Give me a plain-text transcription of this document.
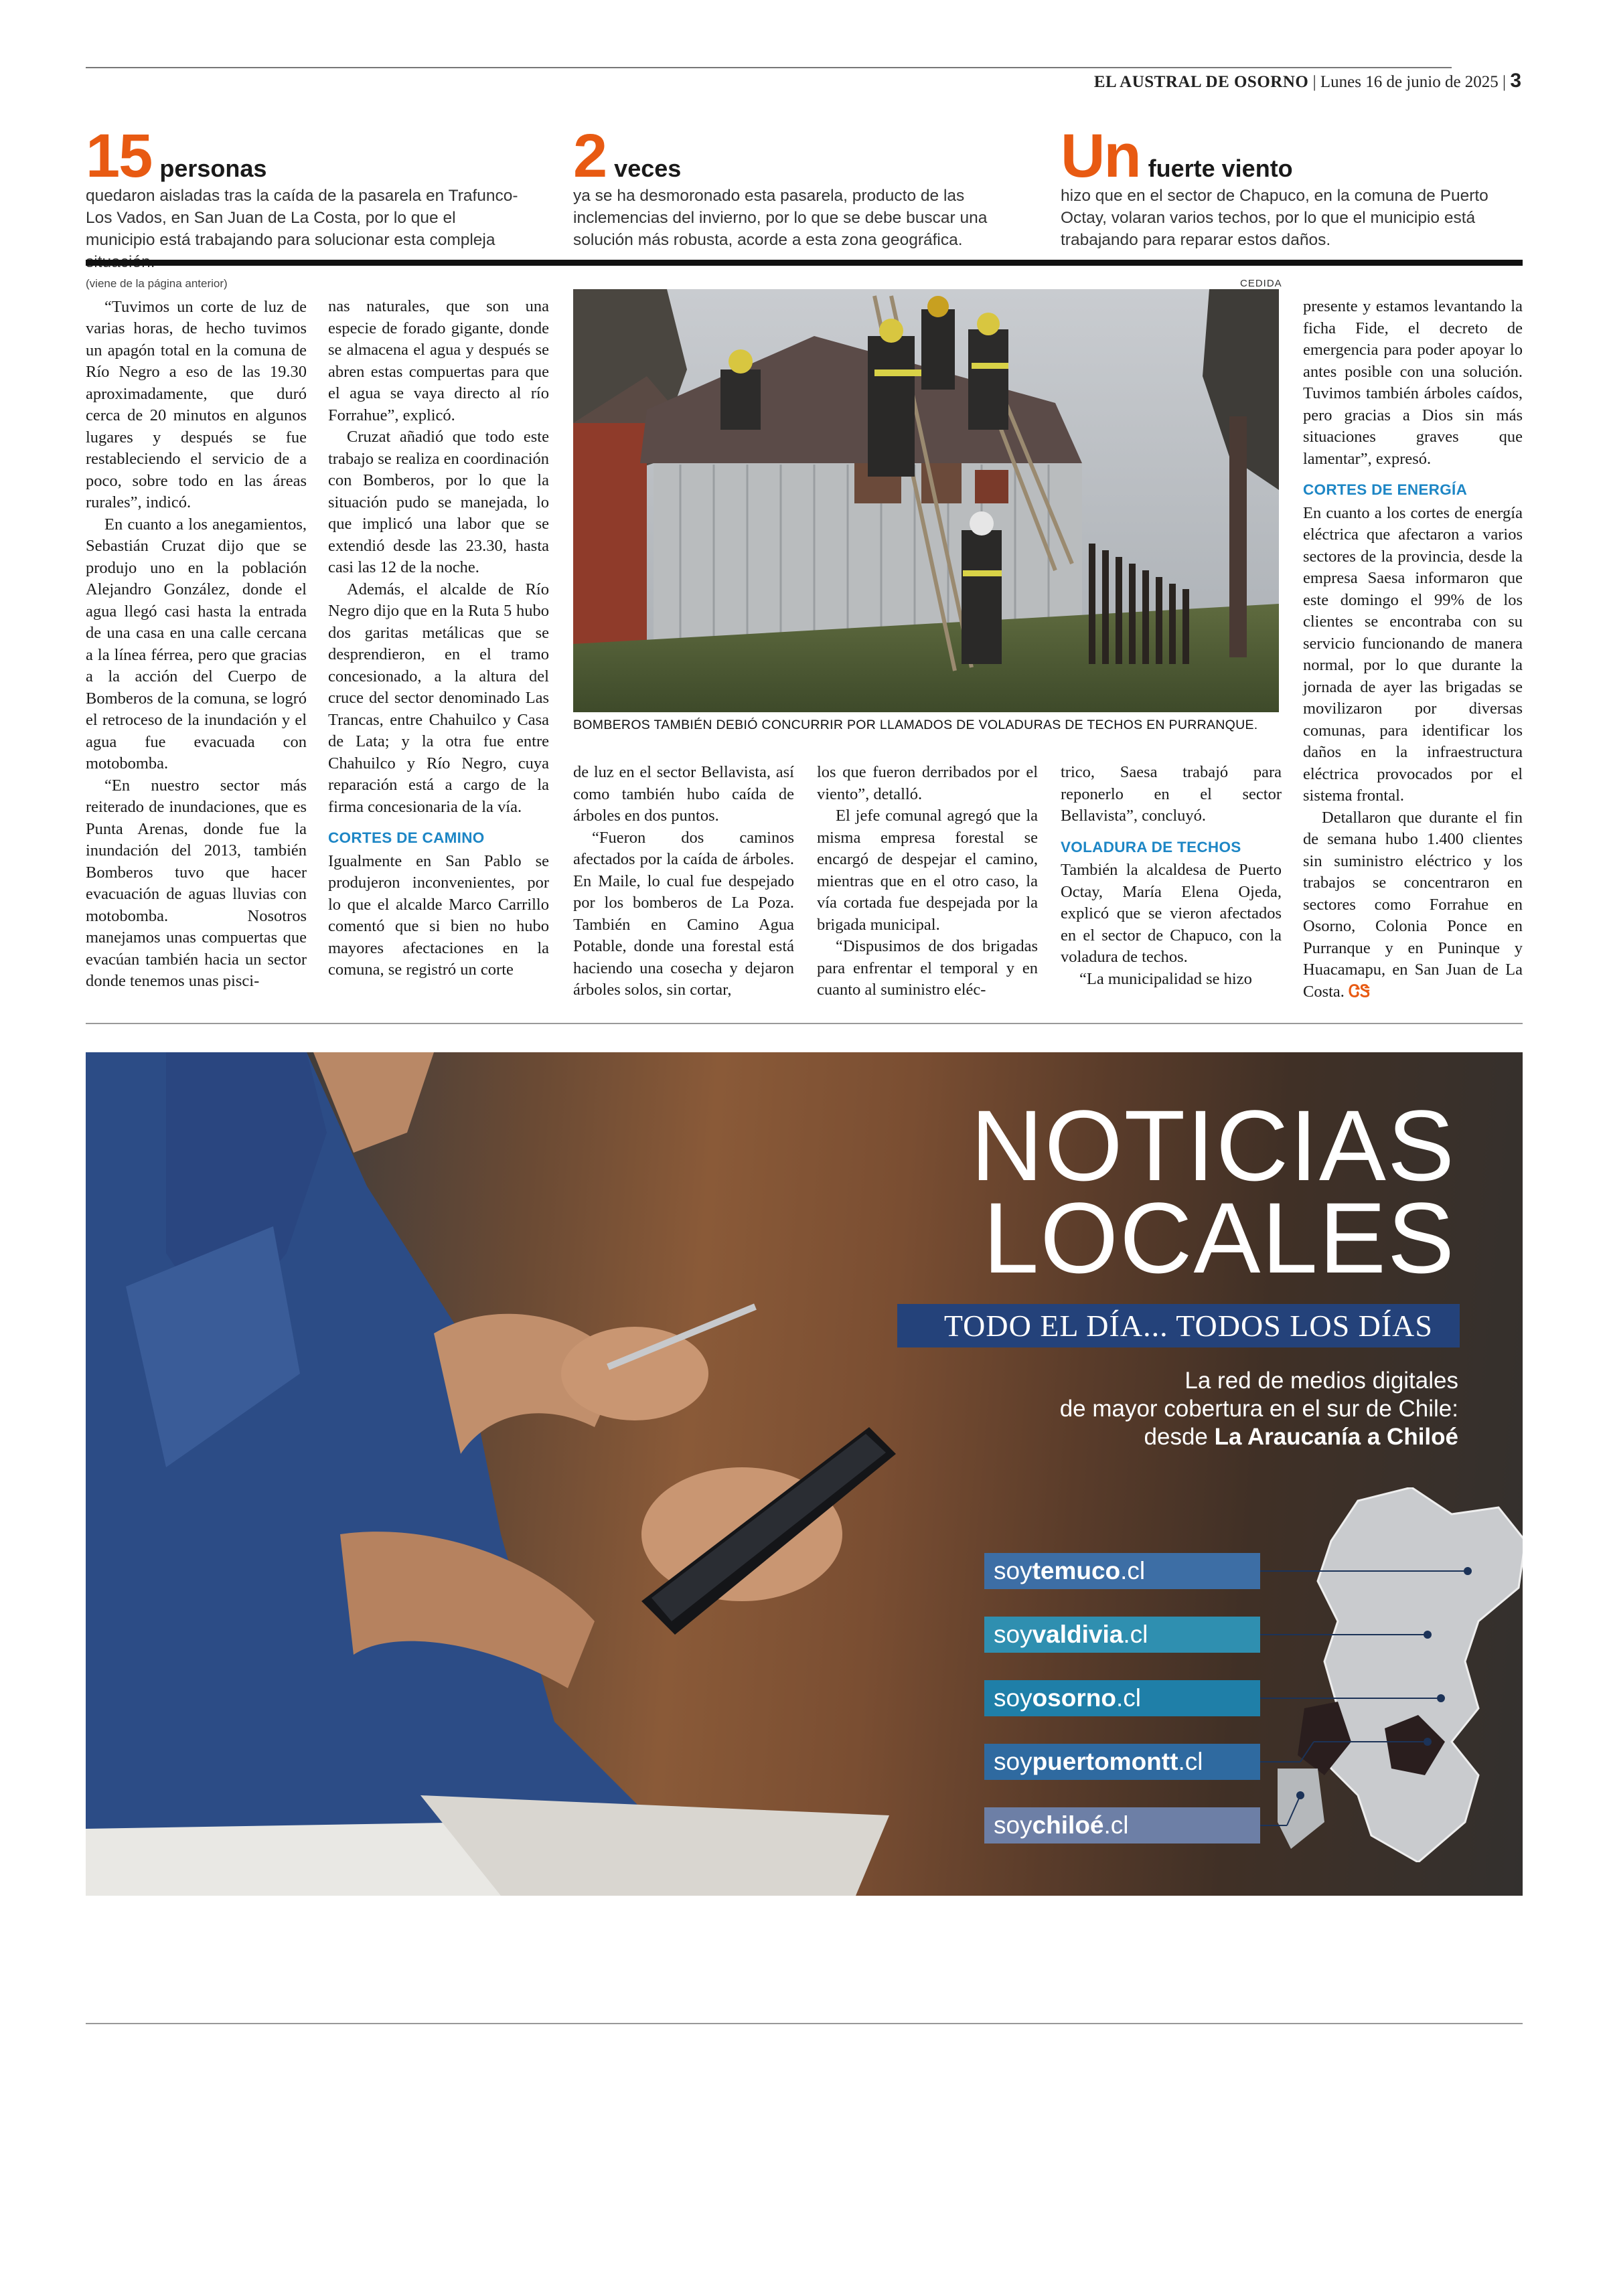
EL AUSTRAL DE OSORNO | Lunes 16 de junio de 2025 | 3
15 personas
quedaron aisladas tras la caída de la pasarela en Trafunco-Los Vados, en San Juan de La Costa, por lo que el municipio está trabajando para solucionar esta compleja
2 veces
ya se ha desmoronado esta pasarela, producto de las inclemencias del invierno, por lo que se debe buscar una solución más robusta, acorde a esta zona geográfica.
Un fuerte viento
hizo que en el sector de Chapuco, en la comuna de Puerto Octay, volaran varios techos, por lo que el municipio está trabajando para reparar estos daños.
(viene de la página anterior)

“Tuvimos un corte de luz de varias horas, de hecho tuvimos un apagón total en la comuna de Río Negro a eso de las 19.30 aproximadamente, que duró cerca de 20 minutos en algunos lugares y después se fue restableciendo el servicio de a poco, sobre todo en las áreas rurales”, indicó.

En cuanto a los anegamientos, Sebastián Cruzat dijo que se produjo uno en la población Alejandro González, donde el agua llegó casi hasta la entrada de una casa en una calle cercana a la línea férrea, pero que gracias a la acción del Cuerpo de Bomberos de la comuna, se logró el retroceso de la inundación y el agua fue evacuada con motobomba.

“En nuestro sector más reiterado de inundaciones, que es Punta Arenas, donde fue la inundación del 2013, también Bomberos tuvo que hacer evacuación de aguas lluvias con motobomba. Nosotros manejamos unas compuertas que evacúan también hacia un sector donde tenemos unas pisci-

nas naturales, que son una especie de forado gigante, donde se almacena el agua y después se abren estas compuertas para que el agua se vaya directo al río Forrahue”, explicó.

Cruzat añadió que todo este trabajo se realiza en coordinación con Bomberos, por lo que la situación pudo se manejada, lo que implicó una labor que se extendió desde las 23.30, hasta casi las 12 de la noche.

Además, el alcalde de Río Negro dijo que en la Ruta 5 hubo dos garitas metálicas que se desprendieron, en el tramo concesionado, a la altura del cruce del sector denominado Las Trancas, entre Chahuilco y Casa de Lata; y la otra fue entre Chahuilco y Río Negro, cuya reparación está a cargo de la firma concesionaria de la vía.

CORTES DE CAMINO

Igualmente en San Pablo se produjeron inconvenientes, por lo que el alcalde Marco Carrillo comentó que si bien no hubo mayores afectaciones en la comuna, se registró un corte

CEDIDA
BOMBEROS TAMBIÉN DEBIÓ CONCURRIR POR LLAMADOS DE VOLADURAS DE TECHOS EN PURRANQUE.

de luz en el sector Bellavista, así como también hubo caída de árboles en dos puntos.

“Fueron dos caminos afectados por la caída de árboles. En Maile, lo cual fue despejado por los bomberos de La Poza. También en Camino Agua Potable, donde una forestal está haciendo una cosecha y dejaron árboles solos, sin cortar,

los que fueron derribados por el viento”, detalló.

El jefe comunal agregó que la misma empresa forestal se encargó de despejar el camino, mientras que en el otro caso, la vía cortada fue despejada por la brigada municipal.

“Dispusimos de dos brigadas para enfrentar el temporal y en cuanto al suministro eléc-

trico, Saesa trabajó para reponerlo en el sector Bellavista”, concluyó.

VOLADURA DE TECHOS

También la alcaldesa de Puerto Octay, María Elena Ojeda, explicó que se vieron afectados en el sector de Chapuco, con la voladura de techos.

“La municipalidad se hizo

presente y estamos levantando la ficha Fide, el decreto de emergencia para poder apoyar lo antes posible con una solución. Tuvimos también árboles caídos, pero gracias a Dios sin más situaciones graves que lamentar”, expresó.

CORTES DE ENERGÍA

En cuanto a los cortes de energía eléctrica que afectaron a varios sectores de la provincia, desde la empresa Saesa informaron que este domingo el 99% de los clientes se encontraba con su servicio funcionando de manera normal, por lo que durante la jornada de ayer las brigadas se movilizaron por diversas comunas, para identificar los daños en la infraestructura eléctrica provocados por el sistema frontal.

Detallaron que durante el fin de semana hubo 1.400 clientes sin suministro eléctrico y los trabajos se concentraron en sectores como Forrahue en Osorno, Colonia Ponce en Purranque y en Puninque y Huacamapu, en San Juan de La Costa. ᏣᏕ

NOTICIAS
LOCALES
TODO EL DÍA... TODOS LOS DÍAS
La red de medios digitales
de mayor cobertura en el sur de Chile:
desde La Araucanía a Chiloé
soytemuco.cl
soyvaldivia.cl
soyosorno.cl
soypuertomontt.cl
soychiloé.cl
